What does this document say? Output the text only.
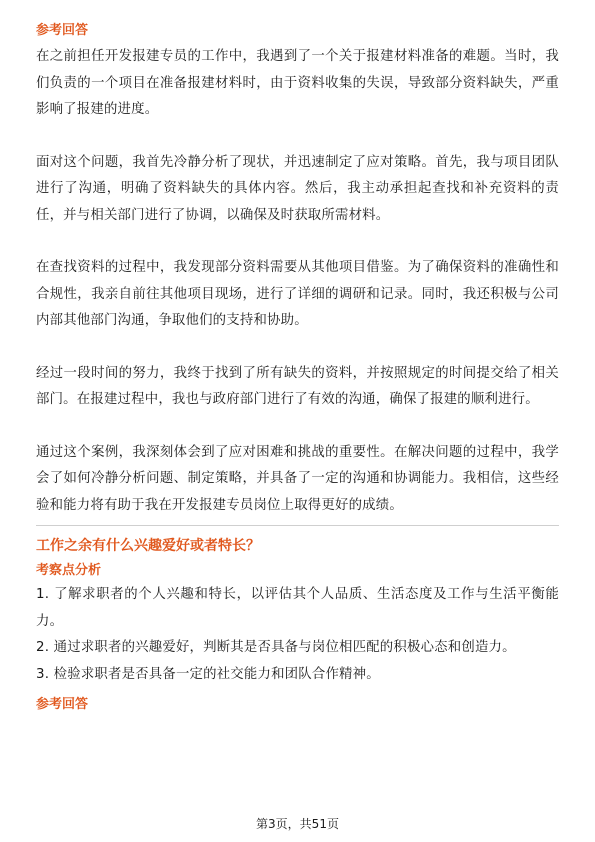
参考回答

在之前担任开发报建专员的工作中，我遇到了一个关于报建材料准备的难题。当时，我们负责的一个项目在准备报建材料时，由于资料收集的失误，导致部分资料缺失，严重影响了报建的进度。

面对这个问题，我首先冷静分析了现状，并迅速制定了应对策略。首先，我与项目团队进行了沟通，明确了资料缺失的具体内容。然后，我主动承担起查找和补充资料的责任，并与相关部门进行了协调，以确保及时获取所需材料。

在查找资料的过程中，我发现部分资料需要从其他项目借鉴。为了确保资料的准确性和合规性，我亲自前往其他项目现场，进行了详细的调研和记录。同时，我还积极与公司内部其他部门沟通，争取他们的支持和协助。

经过一段时间的努力，我终于找到了所有缺失的资料，并按照规定的时间提交给了相关部门。在报建过程中，我也与政府部门进行了有效的沟通，确保了报建的顺利进行。

通过这个案例，我深刻体会到了应对困难和挑战的重要性。在解决问题的过程中，我学会了如何冷静分析问题、制定策略，并具备了一定的沟通和协调能力。我相信，这些经验和能力将有助于我在开发报建专员岗位上取得更好的成绩。

工作之余有什么兴趣爱好或者特长？

考察点分析

1. 了解求职者的个人兴趣和特长，以评估其个人品质、生活态度及工作与生活平衡能力。

2. 通过求职者的兴趣爱好，判断其是否具备与岗位相匹配的积极心态和创造力。

3. 检验求职者是否具备一定的社交能力和团队合作精神。

参考回答

第3页，共51页
